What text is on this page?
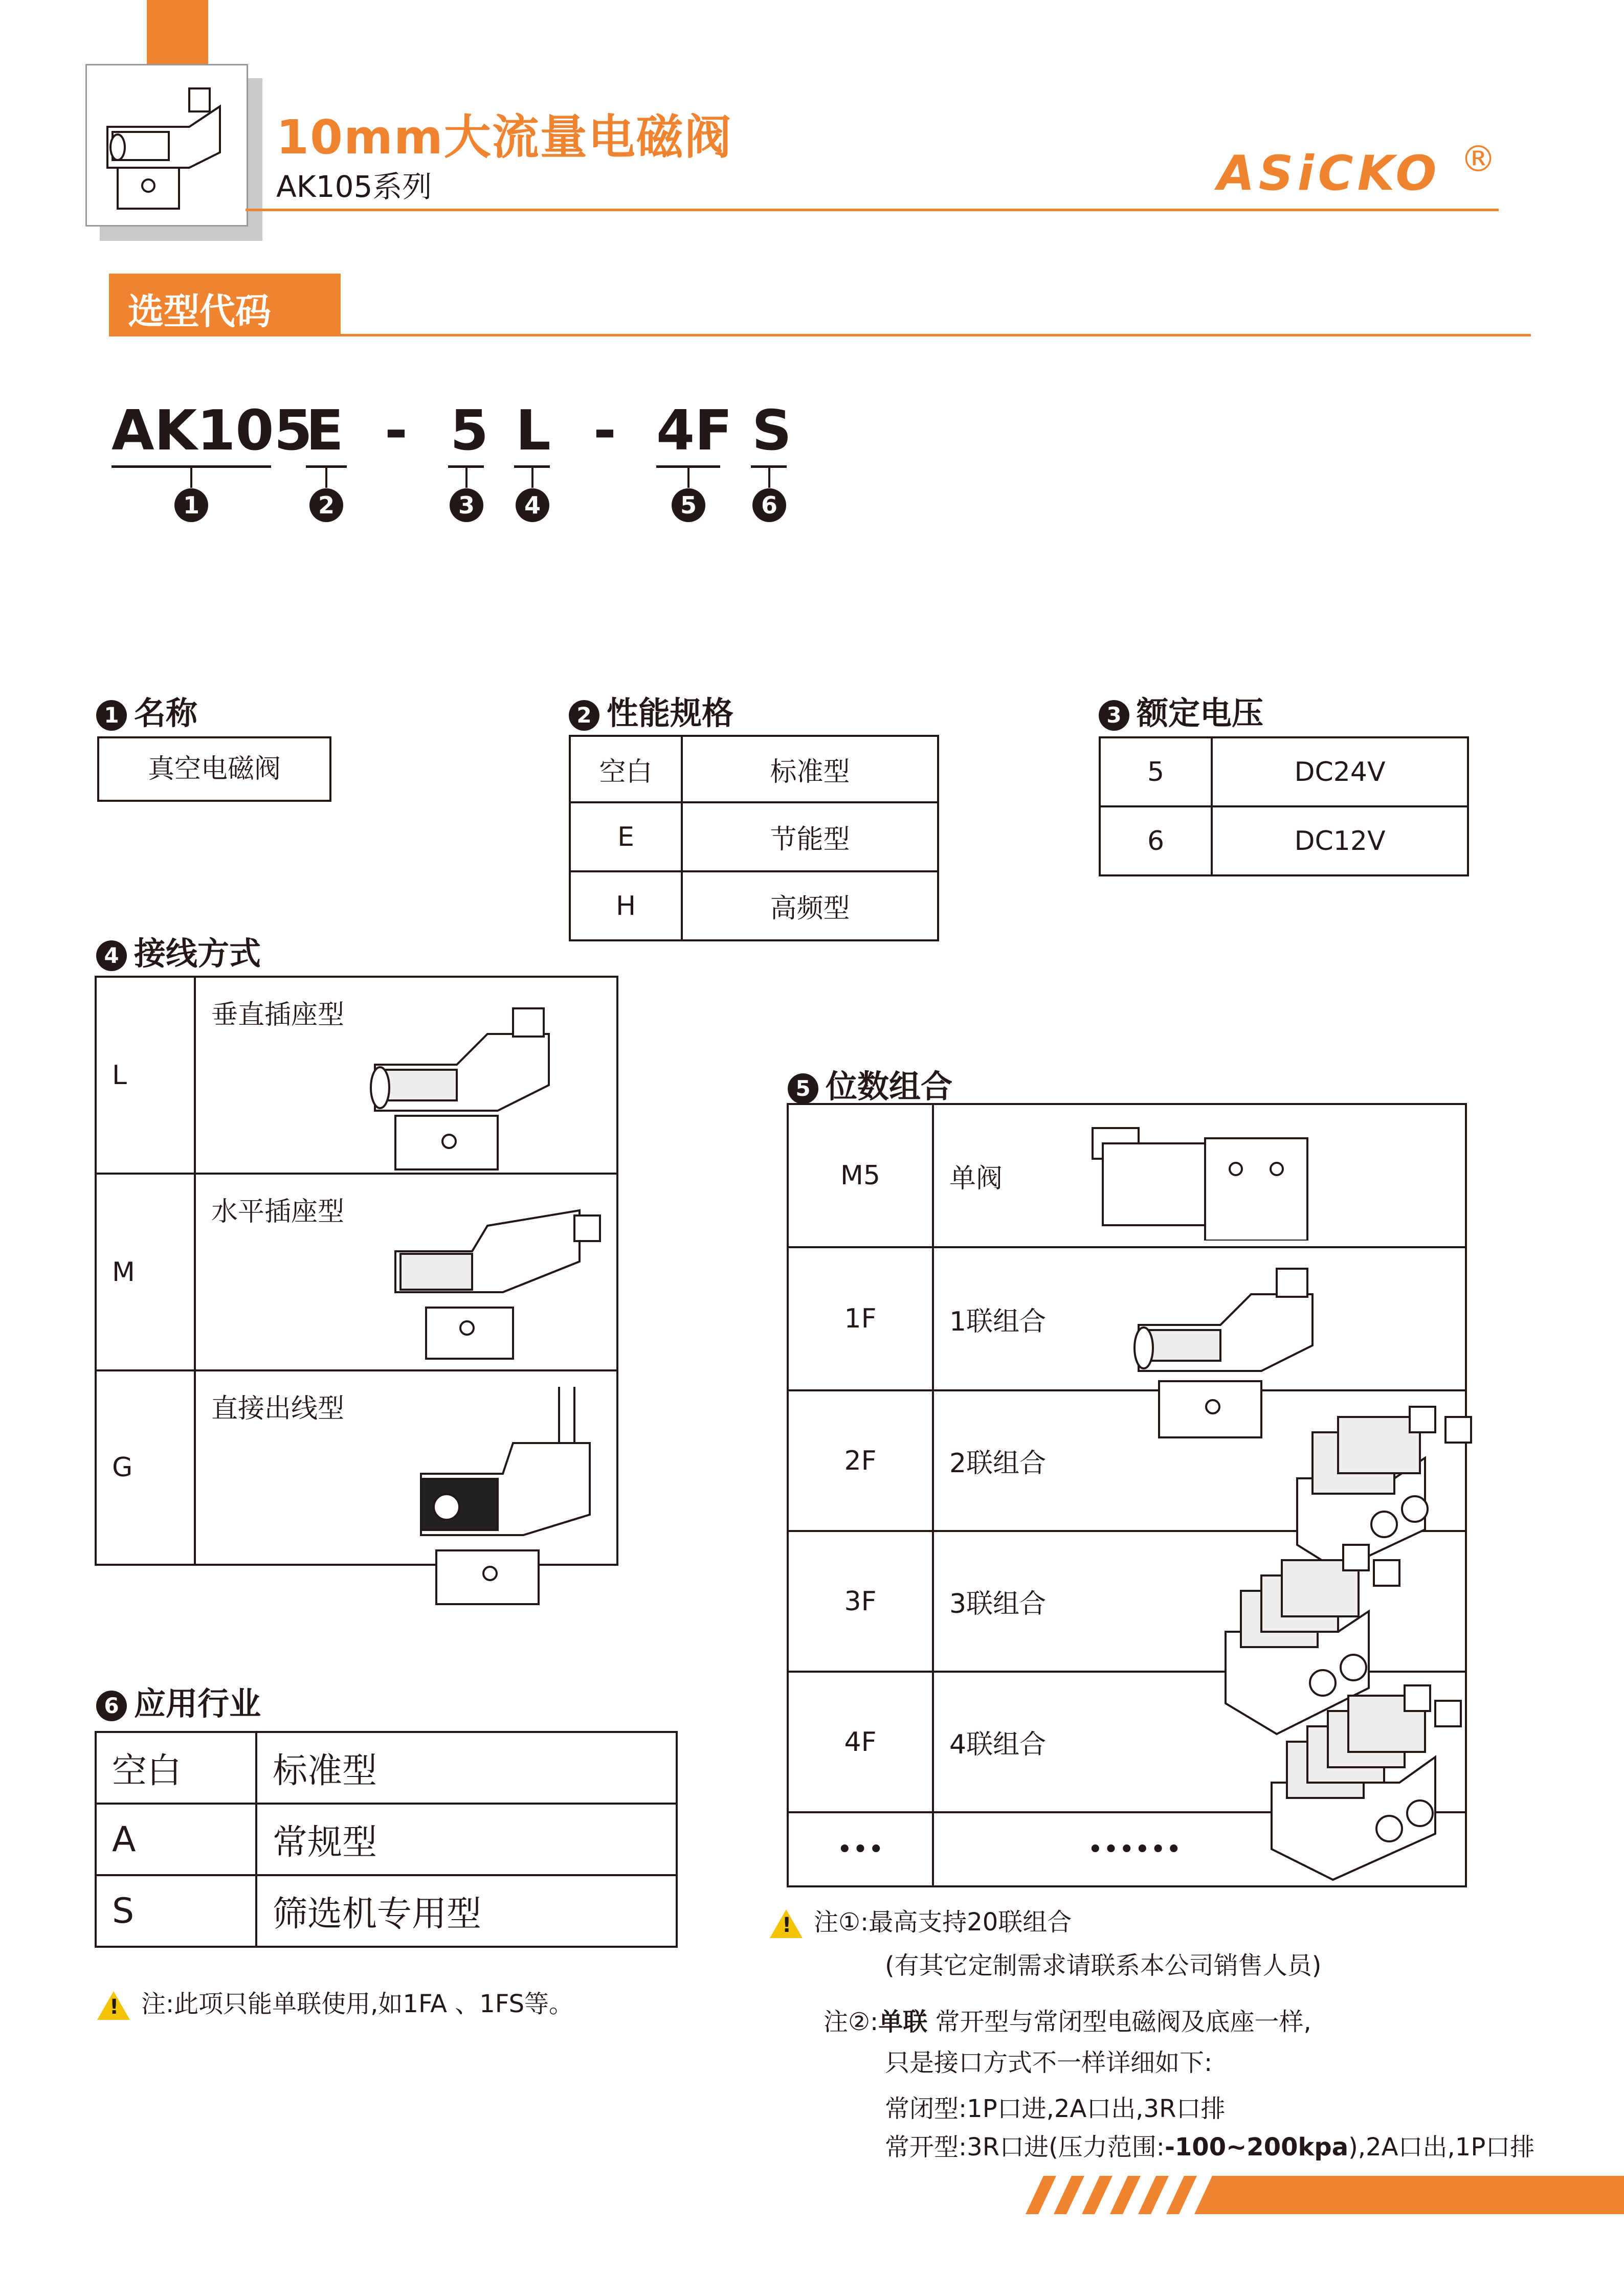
10mm大流量电磁阀
AK105系列	ASiCKO ®
选型代码
AK105
E - 5 L - 4F S
1	2	3	4	5	6
1 名称
真空电磁阀
2 性能规格
空白	标准型
E	节能型
H	高频型
3 额定电压
5	DC24V
6	DC12V
4 接线方式
L	垂直插座型

M	水平插座型

G	直接出线型
5 位数组合
M5	单阀

1F	1联组合

2F	2联组合

3F	3联组合

4F	4联组合

•••	••••••
6 应用行业
空白	标准型
A	常规型
S	筛选机专用型
!注:此项只能单联使用,如1FA 、1FS等。
!注①:最高支持20联组合
(有其它定制需求请联系本公司销售人员)
注②:单联 常开型与常闭型电磁阀及底座一样,
只是接口方式不一样详细如下:
常闭型:1P口进,2A口出,3R口排
常开型:3R口进(压力范围:-100~200kpa),2A口出,1P口排
